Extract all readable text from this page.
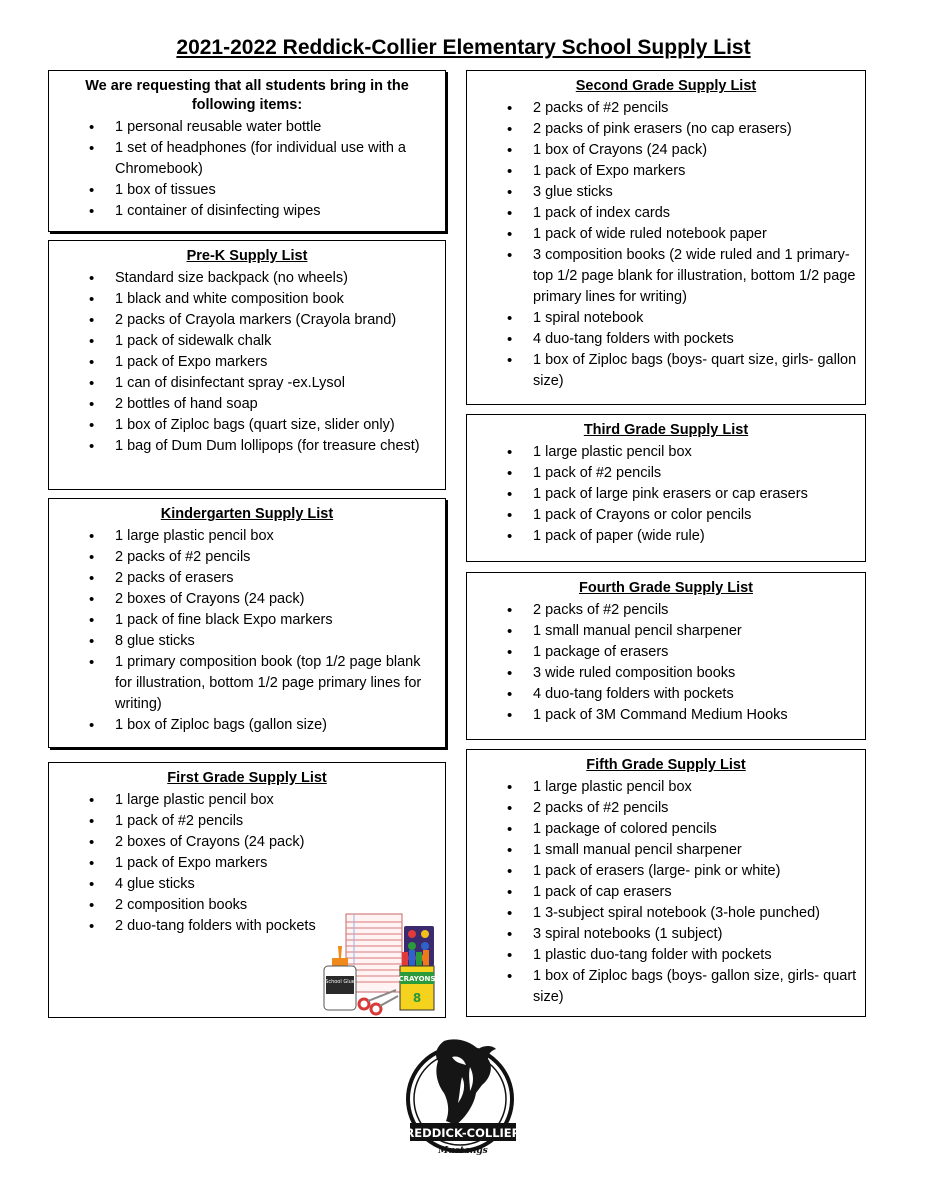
2021-2022 Reddick-Collier Elementary School Supply List

We are requesting that all students bring in the following items:

• 1 personal reusable water bottle
• 1 set of headphones (for individual use with a Chromebook)
• 1 box of tissues
• 1 container of disinfecting wipes
Pre-K Supply List
• Standard size backpack (no wheels)
• 1 black and white composition book
• 2 packs of Crayola markers (Crayola brand)
• 1 pack of sidewalk chalk
• 1 pack of Expo markers
• 1 can of disinfectant spray -ex.Lysol
• 2 bottles of hand soap
• 1 box of Ziploc bags (quart size, slider only)
• 1 bag of Dum Dum lollipops (for treasure chest)
Kindergarten Supply List
• 1 large plastic pencil box
• 2 packs of #2 pencils
• 2 packs of erasers
• 2 boxes of Crayons (24 pack)
• 1 pack of fine black Expo markers
• 8 glue sticks
• 1 primary composition book (top 1/2 page blank for illustration, bottom 1/2 page primary lines for writing)
• 1 box of Ziploc bags (gallon size)
First Grade Supply List
• 1 large plastic pencil box
• 1 pack of #2 pencils
• 2 boxes of Crayons (24 pack)
• 1 pack of Expo markers
• 4 glue sticks
• 2 composition books
• 2 duo-tang folders with pockets
Second Grade Supply List
• 2 packs of #2 pencils
• 2 packs of pink erasers (no cap erasers)
• 1 box of Crayons (24 pack)
• 1 pack of Expo markers
• 3 glue sticks
• 1 pack of index cards
• 1 pack of wide ruled notebook paper
• 3 composition books (2 wide ruled and 1 primary- top 1/2 page blank for illustration, bottom 1/2 page primary lines for writing)
• 1 spiral notebook
• 4 duo-tang folders with pockets
• 1 box of Ziploc bags (boys- quart size, girls- gallon size)
Third Grade Supply List
• 1 large plastic pencil box
• 1 pack of #2 pencils
• 1 pack of large pink erasers or cap erasers
• 1 pack of Crayons or color pencils
• 1 pack of paper (wide rule)
Fourth Grade Supply List
• 2 packs of #2 pencils
• 1 small manual pencil sharpener
• 1 package of erasers
• 3 wide ruled composition books
• 4 duo-tang folders with pockets
• 1 pack of 3M Command Medium Hooks
Fifth Grade Supply List
• 1 large plastic pencil box
• 2 packs of #2 pencils
• 1 package of colored pencils
• 1 small manual pencil sharpener
• 1 pack of erasers (large- pink or white)
• 1 pack of cap erasers
• 1 3-subject spiral notebook (3-hole punched)
• 3 spiral notebooks (1 subject)
• 1 plastic duo-tang folder with pockets
• 1 box of Ziploc bags (boys- gallon size, girls- quart size)
School Glue	CRAYONS
8
REDDICK-COLLIER
Mustangs
